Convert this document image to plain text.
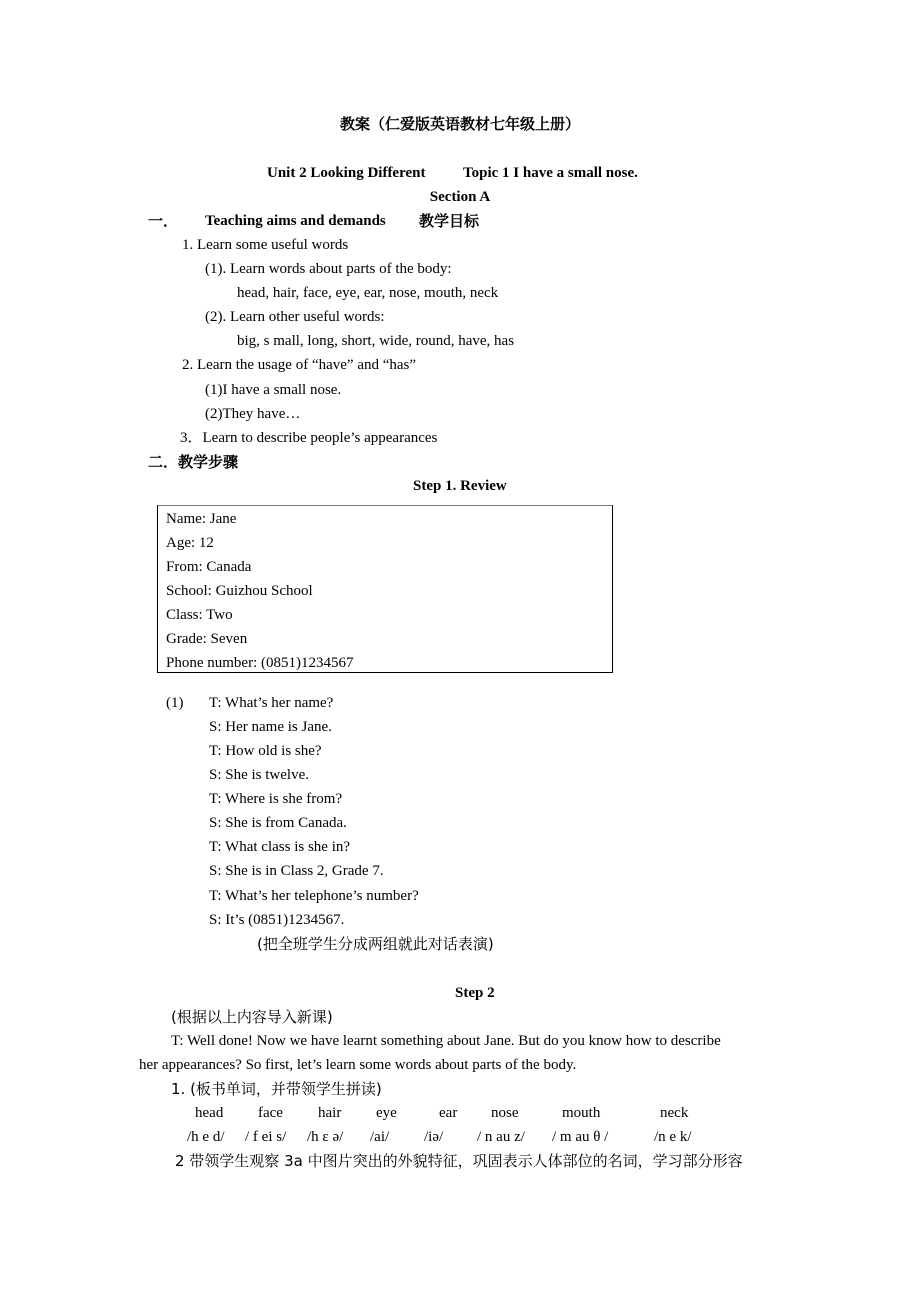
教案（仁爱版英语教材七年级上册）
Unit 2 Looking Different	Topic 1 I have a small nose.
Section A
一． Teaching aims and demands 教学目标
1. Learn some useful words
(1). Learn words about parts of the body:
head, hair, face, eye, ear, nose, mouth, neck
(2). Learn other useful words:
big, s mall, long, short, wide, round, have, has
2. Learn the usage of “have” and “has”
(1)I have a small nose.
(2)They have…
3．Learn to describe people’s appearances
二．教学步骤
Step 1. Review
Name: Jane
Age: 12
From: Canada
School: Guizhou School
Class: Two
Grade: Seven
Phone number: (0851)1234567
(1) T: What’s her name?
S: Her name is Jane.
T: How old is she?
S: She is twelve.
T: Where is she from?
S: She is from Canada.
T: What class is she in?
S: She is in Class 2, Grade 7.
T: What’s her telephone’s number?
S: It’s (0851)1234567.
(把全班学生分成两组就此对话表演)
Step 2
(根据以上内容导入新课)
T: Well done! Now we have learnt something about Jane. But do you know how to describe
her appearances? So first, let’s learn some words about parts of the body.
1. (板书单词，并带领学生拼读)
head face hair eye	ear nose	mouth	neck
/h e d/ / f ei s/ /h ɛ ə/ /ai/ /iə/ / n au z/ / m au θ /	/n e k/
2 带领学生观察 3a 中图片突出的外貌特征，巩固表示人体部位的名词，学习部分形容
